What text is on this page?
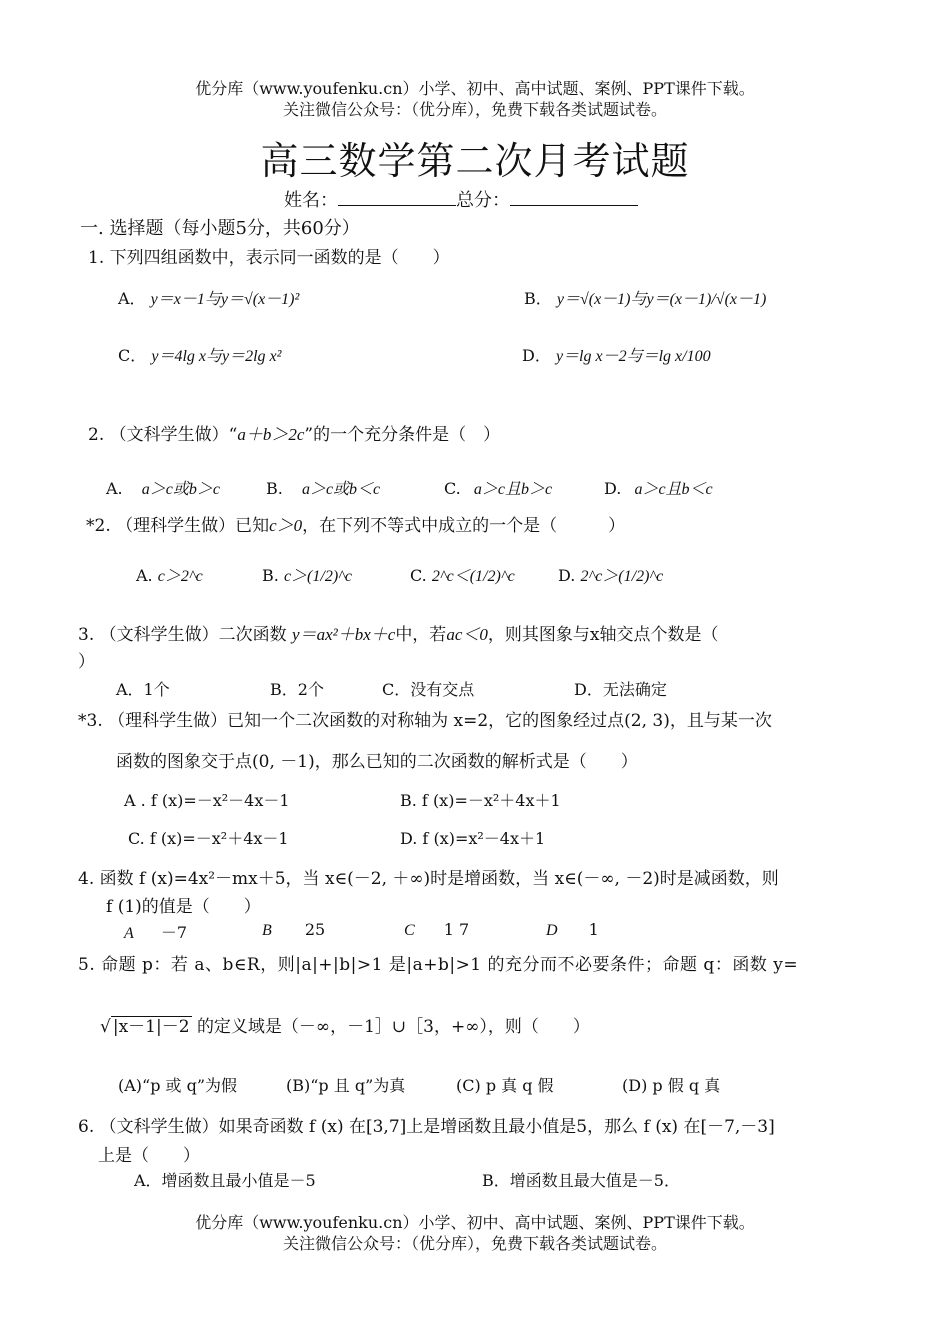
优分库（www.youfenku.cn）小学、初中、高中试题、案例、PPT课件下载。
关注微信公众号：（优分库），免费下载各类试题试卷。
高三数学第二次月考试题
姓名：	总分：
一. 选择题（每小题5分，共60分）
1. 下列四组函数中，表示同一函数的是（　　）
A． y＝x－1与y＝√(x－1)²	B． y＝√(x－1)与y＝(x－1)/√(x－1)
C． y＝4lg x与y＝2lg x²	D． y＝lg x－2与＝lg x/100
2. （文科学生做）“a＋b＞2c”的一个充分条件是（　）
A. a＞c或b＞c	B. a＞c或b＜c	C. a＞c且b＞c	D. a＞c且b＜c
*2. （理科学生做）已知c＞0，在下列不等式中成立的一个是（　　　）
A. c＞2^c	B. c＞(1/2)^c	C. 2^c＜(1/2)^c	D. 2^c＞(1/2)^c
3. （文科学生做）二次函数 y＝ax²＋bx＋c中，若ac＜0，则其图象与x轴交点个数是（
）
A．1个	B．2个	C．没有交点	D．无法确定
*3. （理科学生做）已知一个二次函数的对称轴为 x=2，它的图象经过点(2, 3)，且与某一次
函数的图象交于点(0, －1)，那么已知的二次函数的解析式是（　　）
A . f (x)=－x²－4x－1	B. f (x)=－x²＋4x＋1
C. f (x)=－x²＋4x－1	D. f (x)=x²－4x＋1
4. 函数 f (x)=4x²－mx＋5，当 x∈(－2, ＋∞)时是增函数，当 x∈(－∞, －2)时是减函数，则
f (1)的值是（　　）
A －7	B 25	C 1 7	D 1
5. 命题 p：若 a、b∈R，则|a|+|b|>1 是|a+b|>1 的充分而不必要条件；命题 q：函数 y=
√ |x－1|－2 的定义域是（－∞，－1］∪［3，+∞），则（　　）
(A)“p 或 q”为假	(B)“p 且 q”为真	(C) p 真 q 假	(D) p 假 q 真
6. （文科学生做）如果奇函数 f (x) 在[3,7]上是增函数且最小值是5，那么 f (x) 在[－7,－3]
上是（　　）
A．增函数且最小值是－5	B．增函数且最大值是－5．
优分库（www.youfenku.cn）小学、初中、高中试题、案例、PPT课件下载。
关注微信公众号：（优分库），免费下载各类试题试卷。
